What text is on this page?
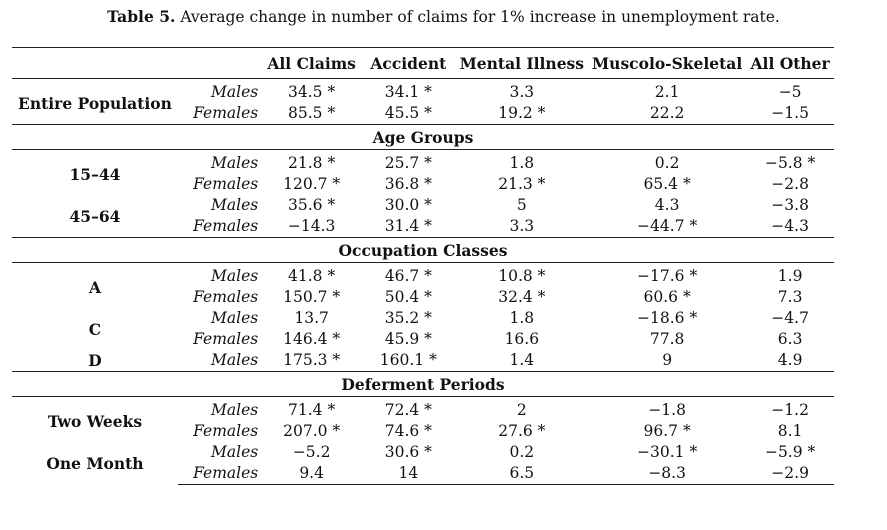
Table 5. Average change in number of claims for 1% increase in unemployment rate.
		All Claims	Accident	Mental Illness	Muscolo-Skeletal	All Other
Entire Population	Males	34.5 *	34.1 *	3.3	2.1	−5
	Females	85.5 *	45.5 *	19.2 *	22.2	−1.5
Age Groups						
15–44	Males	21.8 *	25.7 *	1.8	0.2	−5.8 *
	Females	120.7 *	36.8 *	21.3 *	65.4 *	−2.8
45–64	Males	35.6 *	30.0 *	5	4.3	−3.8
	Females	−14.3	31.4 *	3.3	−44.7 *	−4.3
Occupation Classes						
A	Males	41.8 *	46.7 *	10.8 *	−17.6 *	1.9
	Females	150.7 *	50.4 *	32.4 *	60.6 *	7.3
C	Males	13.7	35.2 *	1.8	−18.6 *	−4.7
	Females	146.4 *	45.9 *	16.6	77.8	6.3
D	Males	175.3 *	160.1 *	1.4	9	4.9
Deferment Periods						
Two Weeks	Males	71.4 *	72.4 *	2	−1.8	−1.2
	Females	207.0 *	74.6 *	27.6 *	96.7 *	8.1
One Month	Males	−5.2	30.6 *	0.2	−30.1 *	−5.9 *
	Females	9.4	14	6.5	−8.3	−2.9
